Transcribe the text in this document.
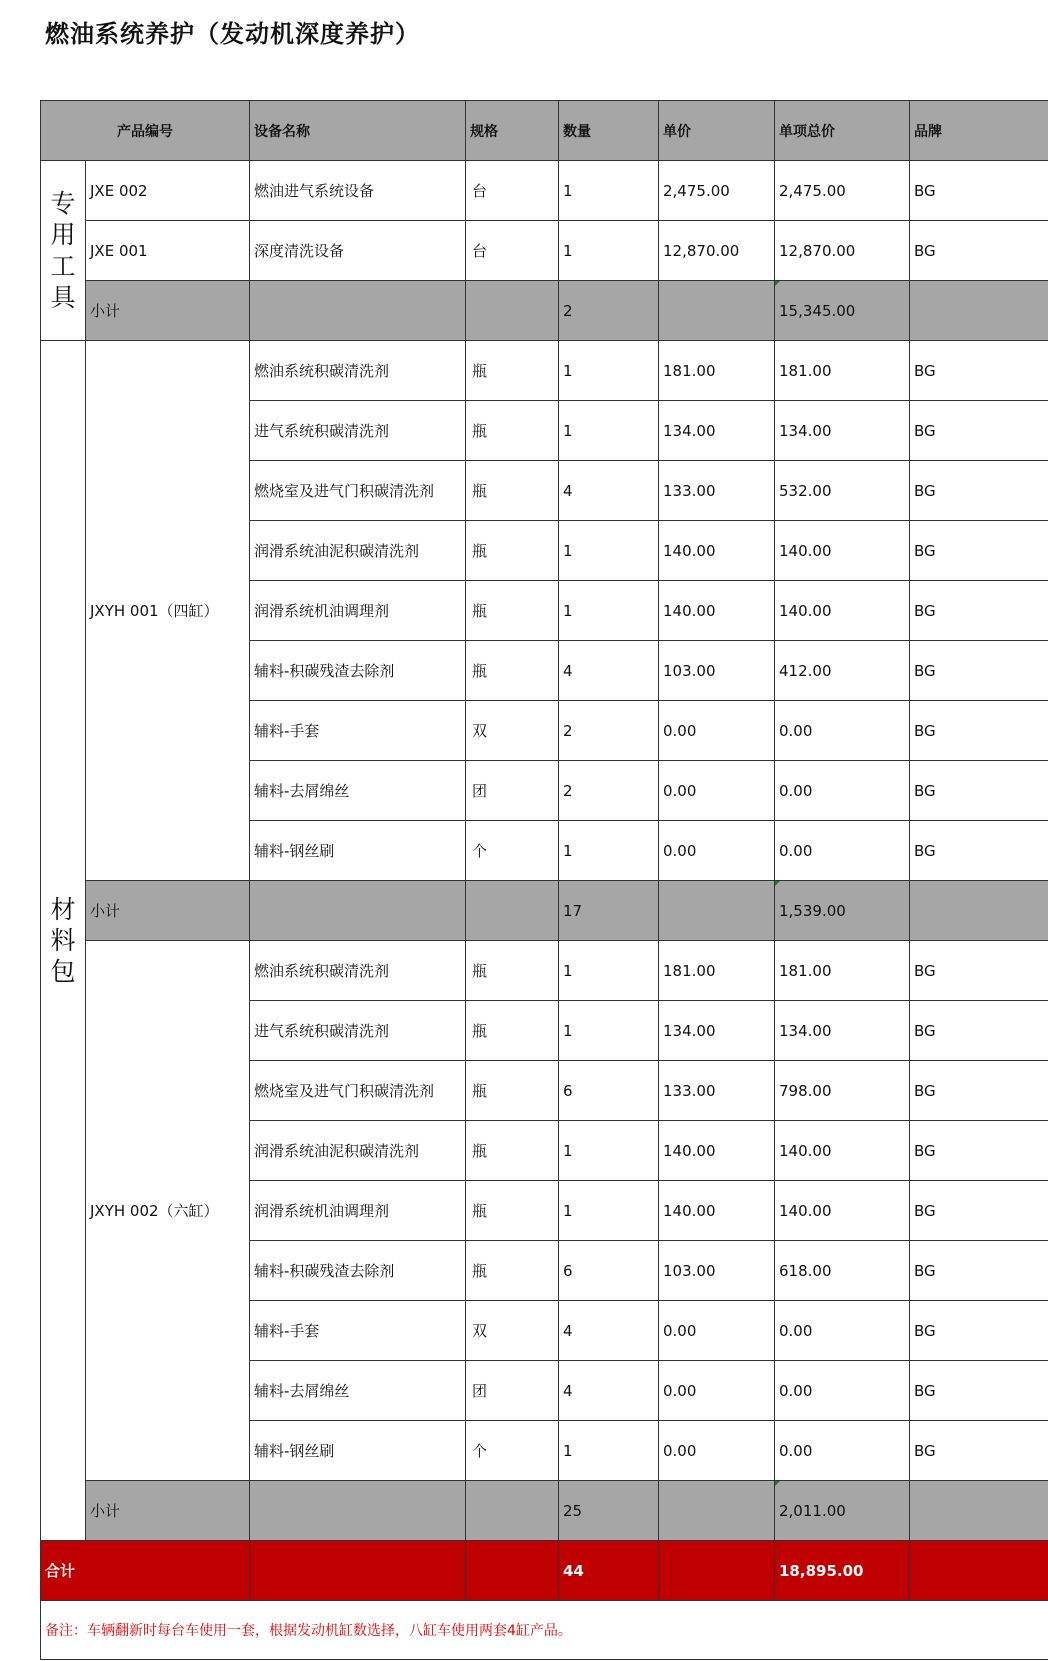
燃油系统养护（发动机深度养护）
产品编号		设备名称	规格	数量	单价	单项总价	品牌

专
用
工
具	JXE 002	燃油进气系统设备	台	1	2,475.00	2,475.00	BG
	JXE 001	深度清洗设备	台	1	12,870.00	12,870.00	BG
	小计			2		15,345.00	

材
料
包	JXYH 001（四缸）	燃油系统积碳清洗剂	瓶	1	181.00	181.00	BG
		进气系统积碳清洗剂	瓶	1	134.00	134.00	BG
		燃烧室及进气门积碳清洗剂	瓶	4	133.00	532.00	BG
		润滑系统油泥积碳清洗剂	瓶	1	140.00	140.00	BG
		润滑系统机油调理剂	瓶	1	140.00	140.00	BG
		辅料-积碳残渣去除剂	瓶	4	103.00	412.00	BG
		辅料-手套	双	2	0.00	0.00	BG
		辅料-去屑绵丝	团	2	0.00	0.00	BG
		辅料-钢丝刷	个	1	0.00	0.00	BG
	小计			17		1,539.00	
	JXYH 002（六缸）	燃油系统积碳清洗剂	瓶	1	181.00	181.00	BG
		进气系统积碳清洗剂	瓶	1	134.00	134.00	BG
		燃烧室及进气门积碳清洗剂	瓶	6	133.00	798.00	BG
		润滑系统油泥积碳清洗剂	瓶	1	140.00	140.00	BG
		润滑系统机油调理剂	瓶	1	140.00	140.00	BG
		辅料-积碳残渣去除剂	瓶	6	103.00	618.00	BG
		辅料-手套	双	4	0.00	0.00	BG
		辅料-去屑绵丝	团	4	0.00	0.00	BG
		辅料-钢丝刷	个	1	0.00	0.00	BG
	小计			25		2,011.00	
合计				44		18,895.00	
备注：车辆翻新时每台车使用一套，根据发动机缸数选择，八缸车使用两套4缸产品。							
